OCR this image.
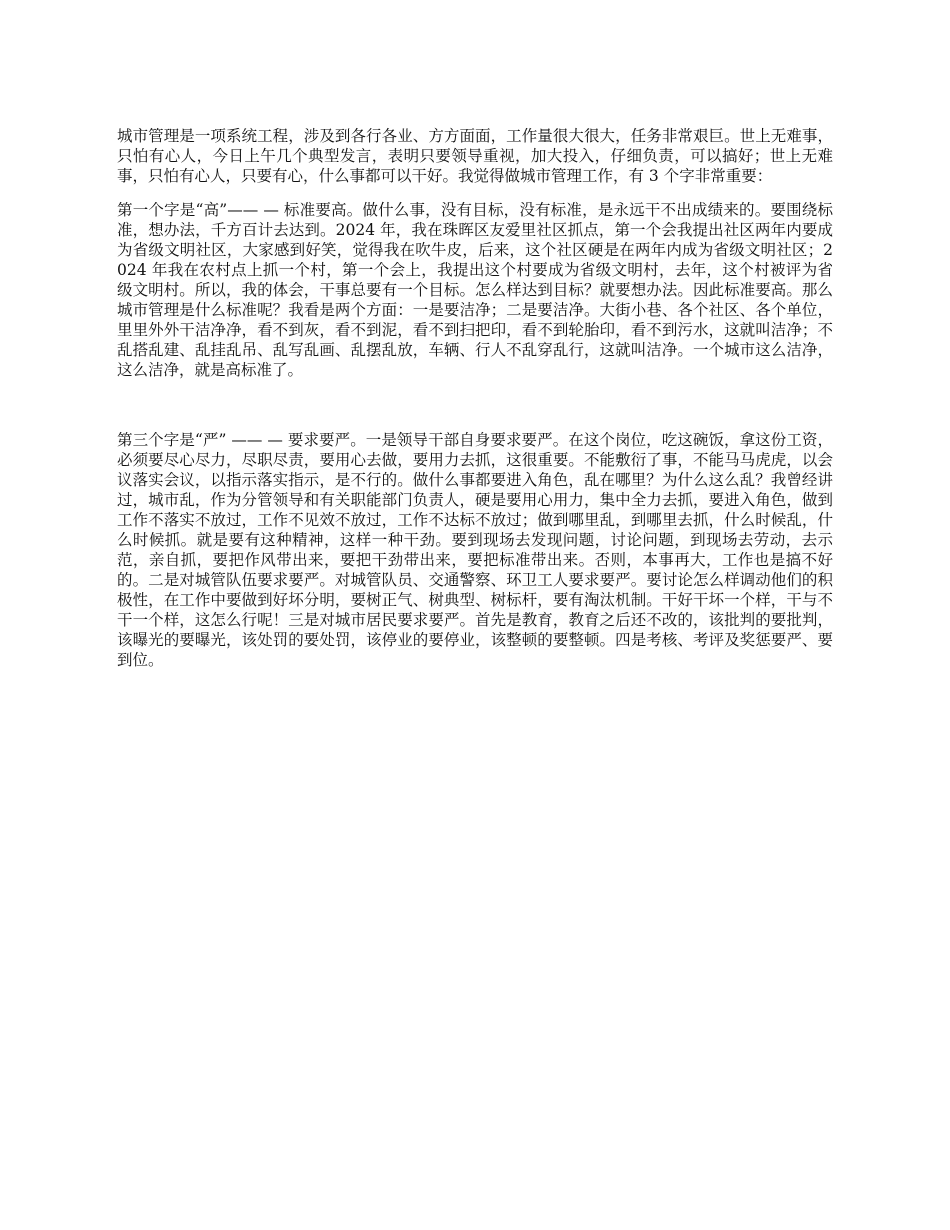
城市管理是一项系统工程，涉及到各行各业、方方面面，工作量很大很大，任务非常艰巨。世上无难事，只怕有心人，今日上午几个典型发言，表明只要领导重视，加大投入，仔细负责，可以搞好；世上无难事，只怕有心人，只要有心，什么事都可以干好。我觉得做城市管理工作，有 3 个字非常重要：

第一个字是“高”—— — 标准要高。做什么事，没有目标，没有标准，是永远干不出成绩来的。要围绕标准，想办法，千方百计去达到。2024 年，我在珠晖区友爱里社区抓点，第一个会我提出社区两年内要成为省级文明社区，大家感到好笑，觉得我在吹牛皮，后来，这个社区硬是在两年内成为省级文明社区；2024 年我在农村点上抓一个村，第一个会上，我提出这个村要成为省级文明村，去年，这个村被评为省级文明村。所以，我的体会，干事总要有一个目标。怎么样达到目标？就要想办法。因此标准要高。那么城市管理是什么标准呢？我看是两个方面：一是要洁净；二是要洁净。大街小巷、各个社区、各个单位，里里外外干洁净净，看不到灰，看不到泥，看不到扫把印，看不到轮胎印，看不到污水，这就叫洁净；不乱搭乱建、乱挂乱吊、乱写乱画、乱摆乱放，车辆、行人不乱穿乱行，这就叫洁净。一个城市这么洁净，这么洁净，就是高标准了。

第三个字是“严” —— — 要求要严。一是领导干部自身要求要严。在这个岗位，吃这碗饭，拿这份工资，必须要尽心尽力，尽职尽责，要用心去做，要用力去抓，这很重要。不能敷衍了事，不能马马虎虎，以会议落实会议，以指示落实指示，是不行的。做什么事都要进入角色，乱在哪里？为什么这么乱？我曾经讲过，城市乱，作为分管领导和有关职能部门负责人，硬是要用心用力，集中全力去抓，要进入角色，做到工作不落实不放过，工作不见效不放过，工作不达标不放过；做到哪里乱，到哪里去抓，什么时候乱，什么时候抓。就是要有这种精神，这样一种干劲。要到现场去发现问题，讨论问题，到现场去劳动，去示范，亲自抓，要把作风带出来，要把干劲带出来，要把标准带出来。否则，本事再大，工作也是搞不好的。二是对城管队伍要求要严。对城管队员、交通警察、环卫工人要求要严。要讨论怎么样调动他们的积极性，在工作中要做到好坏分明，要树正气、树典型、树标杆，要有淘汰机制。干好干坏一个样，干与不干一个样，这怎么行呢！三是对城市居民要求要严。首先是教育，教育之后还不改的，该批判的要批判，该曝光的要曝光，该处罚的要处罚，该停业的要停业，该整顿的要整顿。四是考核、考评及奖惩要严、要到位。
